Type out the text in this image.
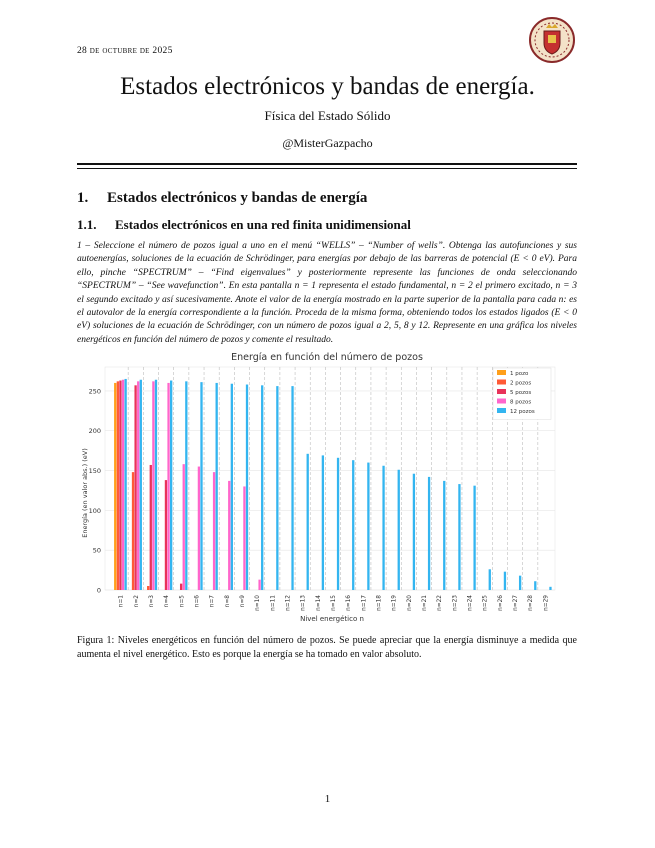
28 de octubre de 2025
Estados electrónicos y bandas de energía.
Física del Estado Sólido
@MisterGazpacho
1. Estados electrónicos y bandas de energía
1.1. Estados electrónicos en una red finita unidimensional
1 – Seleccione el número de pozos igual a uno en el menú “WELLS” – “Number of wells”. Obtenga las autofunciones y sus autoenergías, soluciones de la ecuación de Schrödinger, para energías por debajo de las barreras de potencial (E < 0 eV). Para ello, pinche “SPECTRUM” – “Find eigenvalues” y posteriormente represente las funciones de onda seleccionando “SPECTRUM” – “See wavefunction”. En esta pantalla n = 1 representa el estado fundamental, n = 2 el primero excitado, n = 3 el segundo excitado y así sucesivamente. Anote el valor de la energía mostrado en la parte superior de la pantalla para cada n: es el autovalor de la energía correspondiente a la función. Proceda de la misma forma, obteniendo todos los estados ligados (E < 0 eV) soluciones de la ecuación de Schrödinger, con un número de pozos igual a 2, 5, 8 y 12. Represente en una gráfica los niveles energéticos en función del número de pozos y comente el resultado.
Energía en función del número de pozos
0
50
100
150
200
250
n=1 n=2 n=3 n=4 n=5 n=6 n=7 n=8 n=9 n=10 n=11 n=12 n=13 n=14 n=15 n=16 n=17 n=18 n=19 n=20 n=21 n=22 n=23 n=24 n=25 n=26 n=27 n=28 n=29
1 pozo
2 pozos
5 pozos
8 pozos
12 pozos
Nivel energético n
Energía (en valor abs.) (eV)
Figura 1: Niveles energéticos en función del número de pozos. Se puede apreciar que la energía disminuye a medida que aumenta el nivel energético. Esto es porque la energía se ha tomado en valor absoluto.
1
